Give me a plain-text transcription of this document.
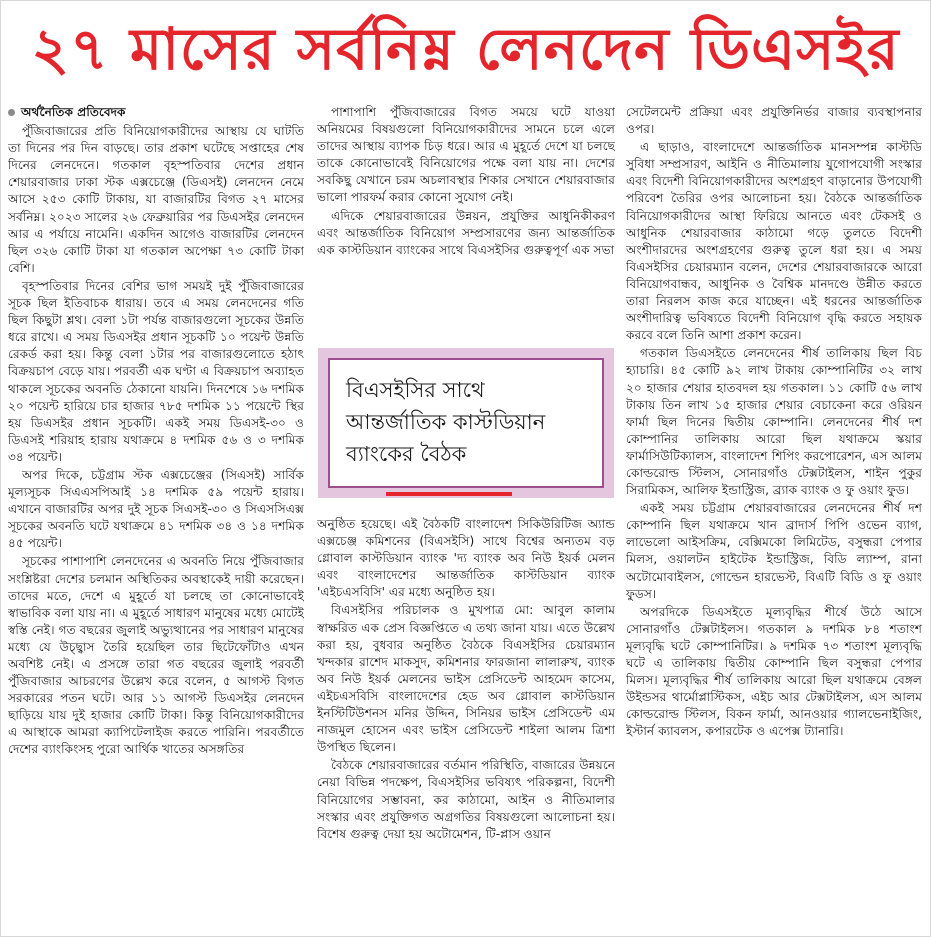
২৭ মাসের সর্বনিম্ন লেনদেন ডিএসইর
অর্থনৈতিক প্রতিবেদক

পুঁজিবাজারের প্রতি বিনিয়োগকারীদের আস্থায় যে ঘাটতি তা দিনের পর দিন বাড়ছে। তার প্রকাশ ঘটেছে সপ্তাহের শেষ দিনের লেনদেনে। গতকাল বৃহস্পতিবার দেশের প্রধান শেয়ারবাজার ঢাকা স্টক এক্সচেঞ্জে (ডিএসই) লেনদেন নেমে আসে ২৫৩ কোটি টাকায়, যা বাজারটির বিগত ২৭ মাসের সর্বনিম্ন। ২০২৩ সালের ২৬ ফেব্রুয়ারির পর ডিএসইর লেনদেন আর এ পর্যায়ে নামেনি। একদিন আগেও বাজারটির লেনদেন ছিল ৩২৬ কোটি টাকা যা গতকাল অপেক্ষা ৭৩ কোটি টাকা বেশি।

বৃহস্পতিবার দিনের বেশির ভাগ সময়ই দুই পুঁজিবাজারের সূচক ছিল ইতিবাচক ধারায়। তবে এ সময় লেনদেনের গতি ছিল কিছুটা শ্লথ। বেলা ১টা পর্যন্ত বাজারগুলো সূচকের উন্নতি ধরে রাখে। এ সময় ডিএসইর প্রধান সূচকটি ১০ পয়েন্ট উন্নতি রেকর্ড করা হয়। কিন্তু বেলা ১টার পর বাজারগুলোতে হঠাৎ বিক্রয়চাপ বেড়ে যায়। পরবর্তী এক ঘণ্টা এ বিক্রয়চাপ অব্যাহত থাকলে সূচকের অবনতি ঠেকানো যায়নি। দিনশেষে ১৬ দশমিক ২০ পয়েন্ট হারিয়ে চার হাজার ৭৮৫ দশমিক ১১ পয়েন্টে স্থির হয় ডিএসইর প্রধান সূচকটি। একই সময় ডিএসই-৩০ ও ডিএসই শরিয়াহ হারায় যথাক্রমে ৪ দশমিক ৫৬ ও ৩ দশমিক ৩৪ পয়েন্ট।

অপর দিকে, চট্টগ্রাম স্টক এক্সচেঞ্জের (সিএসই) সার্বিক মূল্যসূচক সিএএসপিআই ১৪ দশমিক ৫৯ পয়েন্ট হারায়। এখানে বাজারটির অপর দুই সূচক সিএসই-৩০ ও সিএসসিএক্স সূচকের অবনতি ঘটে যথাক্রমে ৪১ দশমিক ৩৪ ও ১৪ দশমিক ৪৫ পয়েন্ট।

সূচকের পাশাপাশি লেনদেনের এ অবনতি নিয়ে পুঁজিবাজার সংশ্লিষ্টরা দেশের চলমান অস্থিতিকর অবস্থাকেই দায়ী করেছেন। তাদের মতে, দেশে এ মুহূর্তে যা চলছে তা কোনোভাবেই স্বাভাবিক বলা যায় না। এ মুহূর্তে সাধারণ মানুষের মধ্যে মোটেই স্বস্তি নেই। গত বছরের জুলাই অভ্যুত্থানের পর সাধারণ মানুষের মধ্যে যে উচ্ছ্বাস তৈরি হয়েছিল তার ছিটেফোঁটাও এখন অবশিষ্ট নেই। এ প্রসঙ্গে তারা গত বছরের জুলাই পরবর্তী পুঁজিবাজার আচরণের উল্লেখ করে বলেন, ৫ আগস্ট বিগত সরকারের পতন ঘটে। আর ১১ আগস্ট ডিএসইর লেনদেন ছাড়িয়ে যায় দুই হাজার কোটি টাকা। কিন্তু বিনিয়োগকারীদের এ আস্থাকে আমরা ক্যাপিটেলাইজ করতে পারিনি। পরবর্তীতে দেশের ব্যাংকিংসহ পুরো আর্থিক খাতের অসঙ্গতির

পাশাপাশি পুঁজিবাজারের বিগত সময়ে ঘটে যাওয়া অনিয়মের বিষয়গুলো বিনিয়োগকারীদের সামনে চলে এলে তাদের আস্থায় ব্যাপক চিড় ধরে। আর এ মুহূর্তে দেশে যা চলছে তাকে কোনোভাবেই বিনিয়োগের পক্ষে বলা যায় না। দেশের সবকিছু যেখানে চরম অচলাবস্থার শিকার সেখানে শেয়ারবাজার ভালো পারফর্ম করার কোনো সুযোগ নেই।

এদিকে শেয়ারবাজারের উন্নয়ন, প্রযুক্তির আধুনিকীকরণ এবং আন্তর্জাতিক বিনিয়োগ সম্প্রসারণের জন্য আন্তর্জাতিক এক কাস্টডিয়ান ব্যাংকের সাথে বিএসইসির গুরুত্বপূর্ণ এক সভা

বিএসইসির সাথে
আন্তর্জাতিক কাস্টডিয়ান
ব্যাংকের বৈঠক

অনুষ্ঠিত হয়েছে। এই বৈঠকটি বাংলাদেশ সিকিউরিটিজ অ্যান্ড এক্সচেঞ্জ কমিশনের (বিএসইসি) সাথে বিশ্বের অন্যতম বড় গ্লোবাল কাস্টডিয়ান ব্যাংক 'দ্য ব্যাংক অব নিউ ইয়র্ক মেলন এবং বাংলাদেশের আন্তর্জাতিক কাস্টডিয়ান ব্যাংক 'এইচএসবিসি' এর মধ্যে অনুষ্ঠিত হয়।

বিএসইসির পরিচালক ও মুখপাত্র মো: আবুল কালাম স্বাক্ষরিত এক প্রেস বিজ্ঞপ্তিতে এ তথ্য জানা যায়। এতে উল্লেখ করা হয়, বুধবার অনুষ্ঠিত বৈঠকে বিএসইসির চেয়ারম্যান খন্দকার রাশেদ মাকসুদ, কমিশনার ফারজানা লালারুখ, ব্যাংক অব নিউ ইয়র্ক মেলনের ভাইস প্রেসিডেন্ট আহমেদ কাসেম, এইচএসবিসি বাংলাদেশের হেড অব গ্লোবাল কাস্টডিয়ান ইনস্টিটিউশনস মনির উদ্দিন, সিনিয়র ভাইস প্রেসিডেন্ট এম নাজমুল হোসেন এবং ভাইস প্রেসিডেন্ট শাইলা আলম ত্রিশা উপস্থিত ছিলেন।

বৈঠকে শেয়ারবাজারের বর্তমান পরিস্থিতি, বাজারের উন্নয়নে নেয়া বিভিন্ন পদক্ষেপ, বিএসইসির ভবিষ্যৎ পরিকল্পনা, বিদেশী বিনিয়োগের সম্ভাবনা, কর কাঠামো, আইন ও নীতিমালার সংস্কার এবং প্রযুক্তিগত অগ্রগতির বিষয়গুলো আলোচনা হয়। বিশেষ গুরুত্ব দেয়া হয় অটোমেশন, টি-প্লাস ওয়ান

সেটেলমেন্ট প্রক্রিয়া এবং প্রযুক্তিনির্ভর বাজার ব্যবস্থাপনার ওপর।

এ ছাড়াও, বাংলাদেশে আন্তর্জাতিক মানসম্পন্ন কাস্টডি সুবিধা সম্প্রসারণ, আইনি ও নীতিমালায় যুগোপযোগী সংস্কার এবং বিদেশী বিনিয়োগকারীদের অংশগ্রহণ বাড়ানোর উপযোগী পরিবেশ তৈরির ওপর আলোচনা হয়। বৈঠকে আন্তর্জাতিক বিনিয়োগকারীদের আস্থা ফিরিয়ে আনতে এবং টেকসই ও আধুনিক শেয়ারবাজার কাঠামো গড়ে তুলতে বিদেশী অংশীদারদের অংশগ্রহণের গুরুত্ব তুলে ধরা হয়। এ সময় বিএসইসির চেয়ারম্যান বলেন, দেশের শেয়ারবাজারকে আরো বিনিয়োগবান্ধব, আধুনিক ও বৈশ্বিক মানদণ্ডে উন্নীত করতে তারা নিরলস কাজ করে যাচ্ছেন। এই ধরনের আন্তর্জাতিক অংশীদারিত্ব ভবিষ্যতে বিদেশী বিনিয়োগ বৃদ্ধি করতে সহায়ক করবে বলে তিনি আশা প্রকাশ করেন।

গতকাল ডিএসইতে লেনদেনের শীর্ষ তালিকায় ছিল বিচ হ্যাচারি। ৪৫ কোটি ৯২ লাখ টাকায় কোম্পানিটির ৩২ লাখ ২০ হাজার শেয়ার হাতবদল হয় গতকাল। ১১ কোটি ৫৬ লাখ টাকায় তিন লাখ ১৫ হাজার শেয়ার বেচাকেনা করে ওরিয়ন ফার্মা ছিল দিনের দ্বিতীয় কোম্পানি। লেনদেনের শীর্ষ দশ কোম্পানির তালিকায় আরো ছিল যথাক্রমে স্কয়ার ফার্মাসিউটিক্যালস, বাংলাদেশ শিপিং করপোরেশন, এস আলম কোল্ডরোল্ড স্টিলস, সোনারগাঁও টেক্সটাইলস, শাইন পুকুর সিরামিকস, আলিফ ইন্ডাস্ট্রিজ, ব্র্যাক ব্যাংক ও ফু ওয়াং ফুড।

একই সময় চট্টগ্রাম শেয়ারবাজারের লেনদেনের শীর্ষ দশ কোম্পানি ছিল যথাক্রমে খান ব্রাদার্স পিপি ওভেন ব্যাগ, লাভেলো আইসক্রিম, বেক্সিমকো লিমিটেড, বসুন্ধরা পেপার মিলস, ওয়ালটন হাইটেক ইন্ডাস্ট্রিজ, বিডি ল্যাম্প, রানা অটোমোবাইলস, গোল্ডেন হারভেস্ট, বিএটি বিডি ও ফু ওয়াং ফুডস।

অপরদিকে ডিএসইতে মূল্যবৃদ্ধির শীর্ষে উঠে আসে সোনারগাঁও টেক্সটাইলস। গতকাল ৯ দশমিক ৮৪ শতাংশ মূল্যবৃদ্ধি ঘটে কোম্পানিটির। ৯ দশমিক ৭৩ শতাংশ মূল্যবৃদ্ধি ঘটে এ তালিকায় দ্বিতীয় কোম্পানি ছিল বসুন্ধরা পেপার মিলস। মূল্যবৃদ্ধির শীর্ষ তালিকায় আরো ছিল যথাক্রমে বেঙ্গল উইন্ডসর থার্মোপ্লাস্টিকস, এইচ আর টেক্সটাইলস, এস আলম কোল্ডরোল্ড স্টিলস, বিকন ফার্মা, আনওয়ার গ্যালভেনাইজিং, ইস্টার্ন ক্যাবলস, কপারটেক ও এপেক্স ট্যানারি।
